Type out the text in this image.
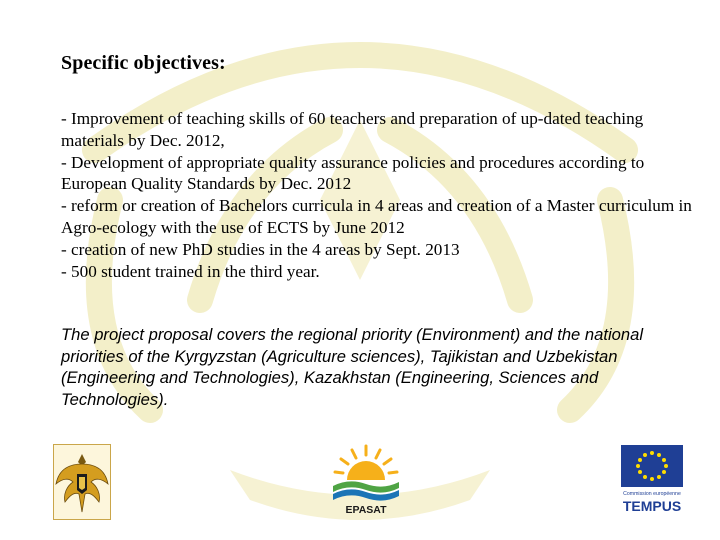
Specific objectives:
- Improvement of teaching skills of 60 teachers and preparation of up-dated teaching materials by Dec. 2012,
- Development of appropriate quality assurance policies and procedures according to European Quality Standards by Dec. 2012
- reform or creation of Bachelors curricula in 4 areas and creation of a Master curriculum in Agro-ecology with the use of ECTS by June 2012
- creation of new PhD studies in the 4 areas by Sept. 2013
- 500 student trained in the third year.

The project proposal covers the regional priority (Environment) and the national priorities of the Kyrgyzstan (Agriculture sciences), Tajikistan and Uzbekistan (Engineering and Technologies), Kazakhstan (Engineering, Sciences and Technologies).

EPASAT
Commission européenne
TEMPUS
